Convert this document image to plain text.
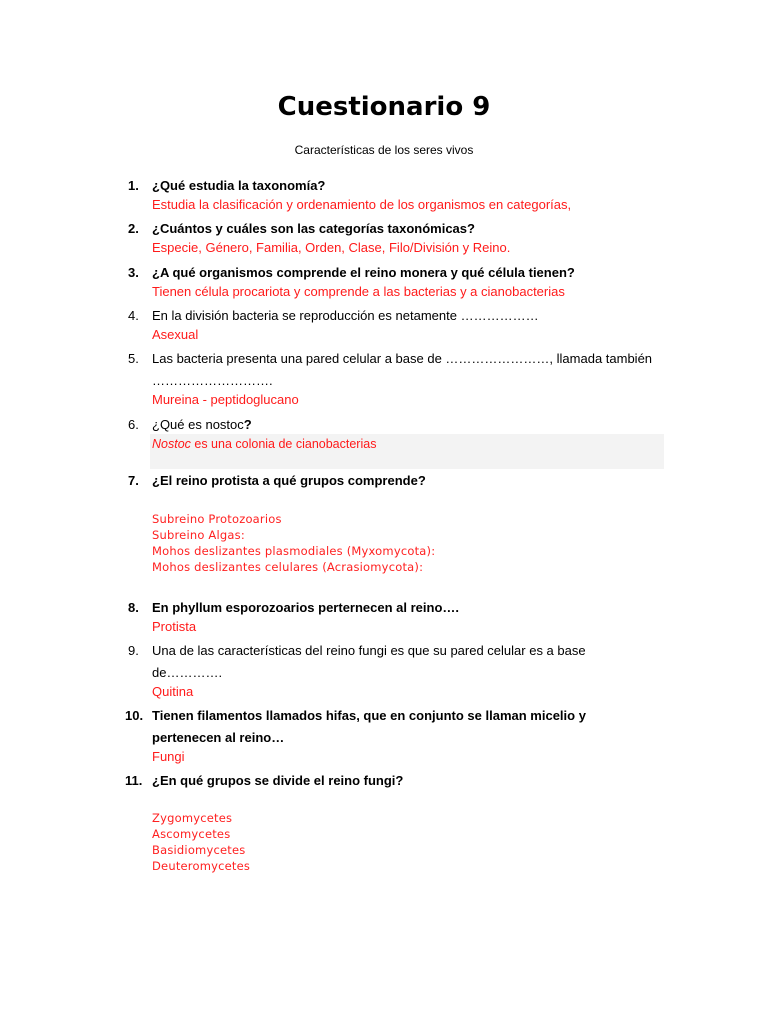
Cuestionario 9
Características de los seres vivos
1.	¿Qué estudia la taxonomía?
Estudia la clasificación y ordenamiento de los organismos en categorías,
2.	¿Cuántos y cuáles son las categorías taxonómicas?
Especie, Género, Familia, Orden, Clase, Filo/División y Reino.
3.	¿A qué organismos comprende el reino monera y qué célula tienen?
Tienen célula procariota y comprende a las bacterias y a cianobacterias
4.	En la división bacteria se reproducción es netamente ………………
Asexual
5.	Las bacteria presenta una pared celular a base de ……………………, llamada también
……………………….
Mureina - peptidoglucano
6.	¿Qué es nostoc?
Nostoc es una colonia de cianobacterias
7.	¿El reino protista a qué grupos comprende?
Subreino Protozoarios
Subreino Algas:
Mohos deslizantes plasmodiales (Myxomycota):
Mohos deslizantes celulares (Acrasiomycota):
8.	En phyllum esporozoarios perternecen al reino….
Protista
9.	Una de las características del reino fungi es que su pared celular es a base
de………….
Quitina
10. Tienen filamentos llamados hifas, que en conjunto se llaman micelio y
pertenecen al reino…
Fungi
11. ¿En qué grupos se divide el reino fungi?
Zygomycetes
Ascomycetes
Basidiomycetes
Deuteromycetes
